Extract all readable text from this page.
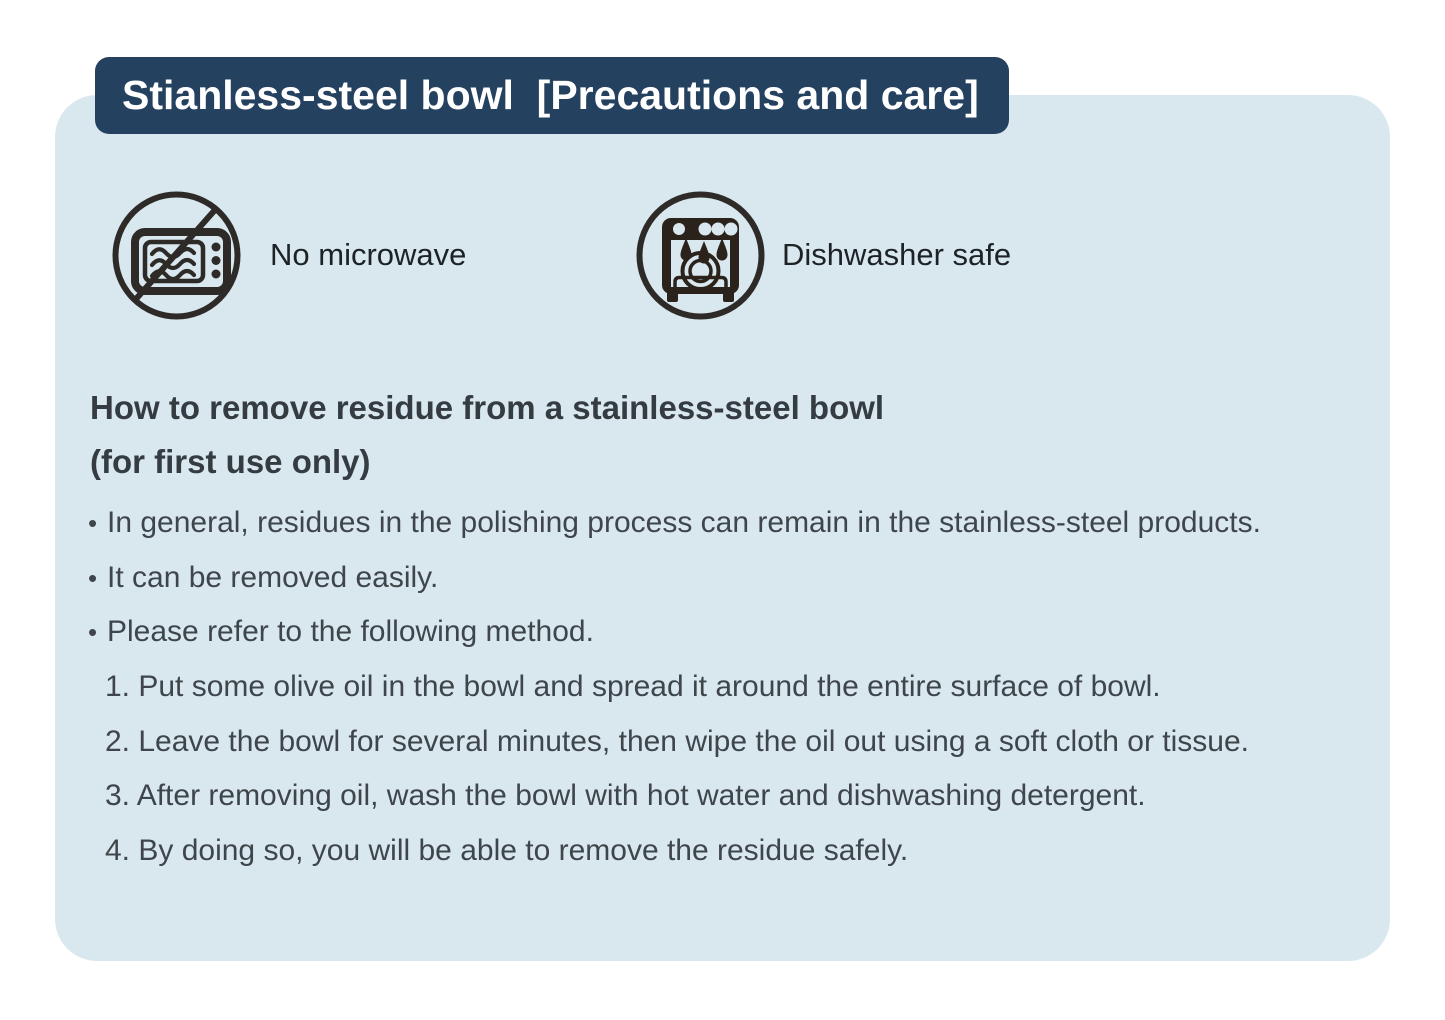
Stianless-steel bowl  [Precautions and care]
No microwave	Dishwasher safe
How to remove residue from a stainless-steel bowl
(for first use only)
• In general, residues in the polishing process can remain in the stainless-steel products.
• It can be removed easily.
• Please refer to the following method.
1. Put some olive oil in the bowl and spread it around the entire surface of bowl.
2. Leave the bowl for several minutes, then wipe the oil out using a soft cloth or tissue.
3. After removing oil, wash the bowl with hot water and dishwashing detergent.
4. By doing so, you will be able to remove the residue safely.
